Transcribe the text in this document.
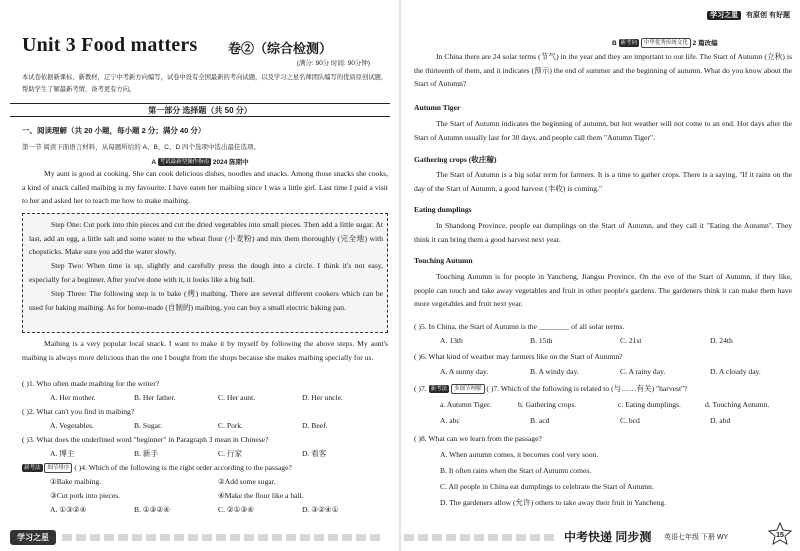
Unit 3 Food matters 卷②（综合检测）
(满分: 90分 时间: 90分钟)
本试卷依据新课标、新教材，辽宁中考新方向编写，试卷中设有全国最新的考向试题，以及学习之星名师团队编写的优质原创试题，帮助学生了解最新考情，备考更有方向。
第一部分 选择题（共 50 分）
一、阅读理解（共 20 小题，每小题 2 分；满分 40 分）
第一节 阅读下面语言材料，从每题所给的 A、B、C、D 四个选项中选出最佳选项。
A 考试最新型操作指南 2024 陈期中
My aunt is good at cooking. She can cook delicious dishes, noodles and snacks. Among those snacks she cooks, a kind of snack called maibing is my favourite. I have eaten her maibing since I was a little girl. Last time I paid a visit to her and asked her to teach me how to make maibing.
Step One: Cut pork into thin pieces and cut the dried vegetables into small pieces. Then add a little sugar. At last, add an egg, a little salt and some water to the wheat flour (小麦粉) and mix them thoroughly (完全地) with chopsticks. Make sure you add the water slowly.
Step Two: When time is up, slightly and carefully press the dough into a circle. I think it's not easy, especially for a beginner. After you've done with it, it looks like a big ball.
Step Three: The following step is to bake (烤) maibing. There are several different cookers which can be used for baking maibing. As for home-made (自制的) maibing, you can buy a small electric baking pan.
Maibing is a very popular local snack. I want to make it by myself by following the above steps. My aunt's maibing is always more delicious than the one I bought from the shops because she makes maibing specially for us.
( )1. Who often made maibing for the writer?
A. Her mother.	B. Her father.	C. Her aunt.	D. Her uncle.
( )2. What can't you find in maibing?
A. Vegetables.	B. Sugar.	C. Pork.	D. Beef.
( )3. What does the underlined word "beginner" in Paragraph 3 mean in Chinese?
A. 博主	B. 新手	C. 行家	D. 看客
新考法 细节排序 ( )4. Which of the following is the right order according to the passage?
①Bake maibing.	②Add some sugar.
③Cut pork into pieces.	④Make the flour like a ball.
A. ①③②④	B. ①③②④	C. ②①③④	D. ③②④①
学习之星
学习之星 有原创 有好题
B 新考向 中华优秀传统文化 2 篇改编
In China there are 24 solar terms (节气) in the year and they are important to our life. The Start of Autumn (立秋) is the thirteenth of them, and it indicates (预示) the end of summer and the beginning of autumn. What do you know about the Start of Autumn?
Autumn Tiger
The Start of Autumn indicates the beginning of autumn, but hot weather will not come to an end. Hot days after the Start of Autumn usually last for 30 days, and people call them "Autumn Tiger".
Gathering crops (收庄稼)
The Start of Autumn is a big solar term for farmers. It is a time to gather crops. There is a saying, "If it rains on the day of the Start of Autumn, a good harvest (丰收) is coming."
Eating dumplings
In Shandong Province, people eat dumplings on the Start of Autumn, and they call it "Eating the Autumn". They think it can bring them a good harvest next year.
Touching Autumn
Touching Autumn is for people in Yancheng, Jiangsu Province. On the eve of the Start of Autumn, if they like, people can touch and take away vegetables and fruit in other people's gardens. The gardeners think it can make them have more vegetables and fruit next year.
( )5. In China, the Start of Autumn is the ________ of all solar terms.
A. 13th	B. 15th	C. 21st	D. 24th
( )6. What kind of weather may farmers like on the Start of Autumn?
A. A sunny day.	B. A windy day.	C. A rainy day.	D. A cloudy day.
( )7. 新考法 多细节理解 ( )7. Which of the following is related to (与……有关) "harvest"?
a. Autumn Tiger.	b. Gathering crops.	c. Eating dumplings.	d. Touching Autumn.
A. abc	B. acd	C. bcd	D. abd
( )8. What can we learn from the passage?
A. When autumn comes, it becomes cool very soon.
B. It often rains when the Start of Autumn comes.
C. All people in China eat dumplings to celebrate the Start of Autumn.
D. The gardeners allow (允许) others to take away their fruit in Yancheng.
中考快递 同步测 英语七年级 下册 WY	15
